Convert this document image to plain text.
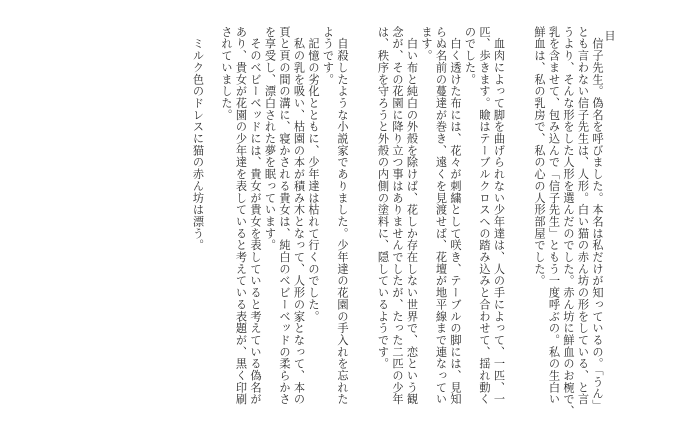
目
　信子先生。偽名を呼びました。本名は私だけが知っているの。「うん」
とも言わない信子先生は、人形。白い猫の赤ん坊の形をしている、と言
うより、そんな形をした人形を選んだのでした。赤ん坊に鮮血のお椀で、
乳を含ませて、包み込んで「信子先生」ともう一度呼ぶの。私の生白い
鮮血は、私の乳房で、私の心の人形部屋でした。
　血肉によって脚を曲げられない少年達は、人の手によって、一匹、一
匹、歩きます。瞼はテーブルクロスへの踏み込みと合わせて、揺れ動く
のでした。
　白く透けた布には、花々が刺繍として咲き、テーブルの脚には、見知
らぬ名前の蔓達が巻き、遠くを見渡せば、花壇が地平線まで連なってい
ます。
　白い布と純白の外殻を除けば、花しか存在しない世界で、恋という観
念が、その花園に降り立つ事はありませんでしたが、たった二匹の少年
は、秩序を守ろうと外殻の内側の塗料に、隠しているようです。
　自殺したような小説家でありました。少年達の花園の手入れを忘れた
ようです。
　記憶の劣化とともに、少年達は枯れて行くのでした。
　私の乳を吸い、枯園の本が積み木となって、人形の家となって、本の
頁と頁の間の溝に、寝かされる貴女は、純白のベビーベッドの柔らかさ
を享受し、漂白された夢を眠っています。
　そのベビーベッドには、貴女が貴女を表していると考えている偽名が
あり、貴女が花園の少年達を表していると考えている表題が、黒く印刷
されていました。
　ミルク色のドレスに猫の赤ん坊は漂う。
